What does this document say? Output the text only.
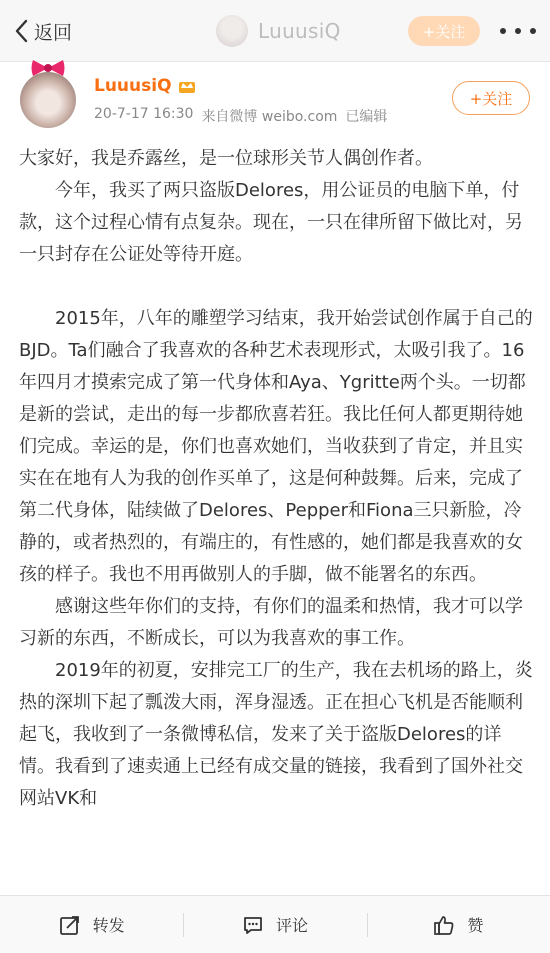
返回	LuuusiQ	+关注
LuuusiQ
20-7-17 16:30 来自微博 weibo.com 已编辑
+关注

大家好，我是乔露丝，是一位球形关节人偶创作者。

今年，我买了两只盗版Delores，用公证员的电脑下单，付款，这个过程心情有点复杂。现在，一只在律所留下做比对，另一只封存在公证处等待开庭。

2015年，八年的雕塑学习结束，我开始尝试创作属于自己的BJD。Ta们融合了我喜欢的各种艺术表现形式，太吸引我了。16年四月才摸索完成了第一代身体和Aya、Ygritte两个头。一切都是新的尝试，走出的每一步都欣喜若狂。我比任何人都更期待她们完成。幸运的是，你们也喜欢她们，当收获到了肯定，并且实实在在地有人为我的创作买单了，这是何种鼓舞。后来，完成了第二代身体，陆续做了Delores、Pepper和Fiona三只新脸，冷静的，或者热烈的，有端庄的，有性感的，她们都是我喜欢的女孩的样子。我也不用再做别人的手脚，做不能署名的东西。

感谢这些年你们的支持，有你们的温柔和热情，我才可以学习新的东西，不断成长，可以为我喜欢的事工作。

2019年的初夏，安排完工厂的生产，我在去机场的路上，炎热的深圳下起了瓢泼大雨，浑身湿透。正在担心飞机是否能顺利起飞，我收到了一条微博私信，发来了关于盗版Delores的详情。我看到了速卖通上已经有成交量的链接，我看到了国外社交网站VK和

转发	评论	赞
